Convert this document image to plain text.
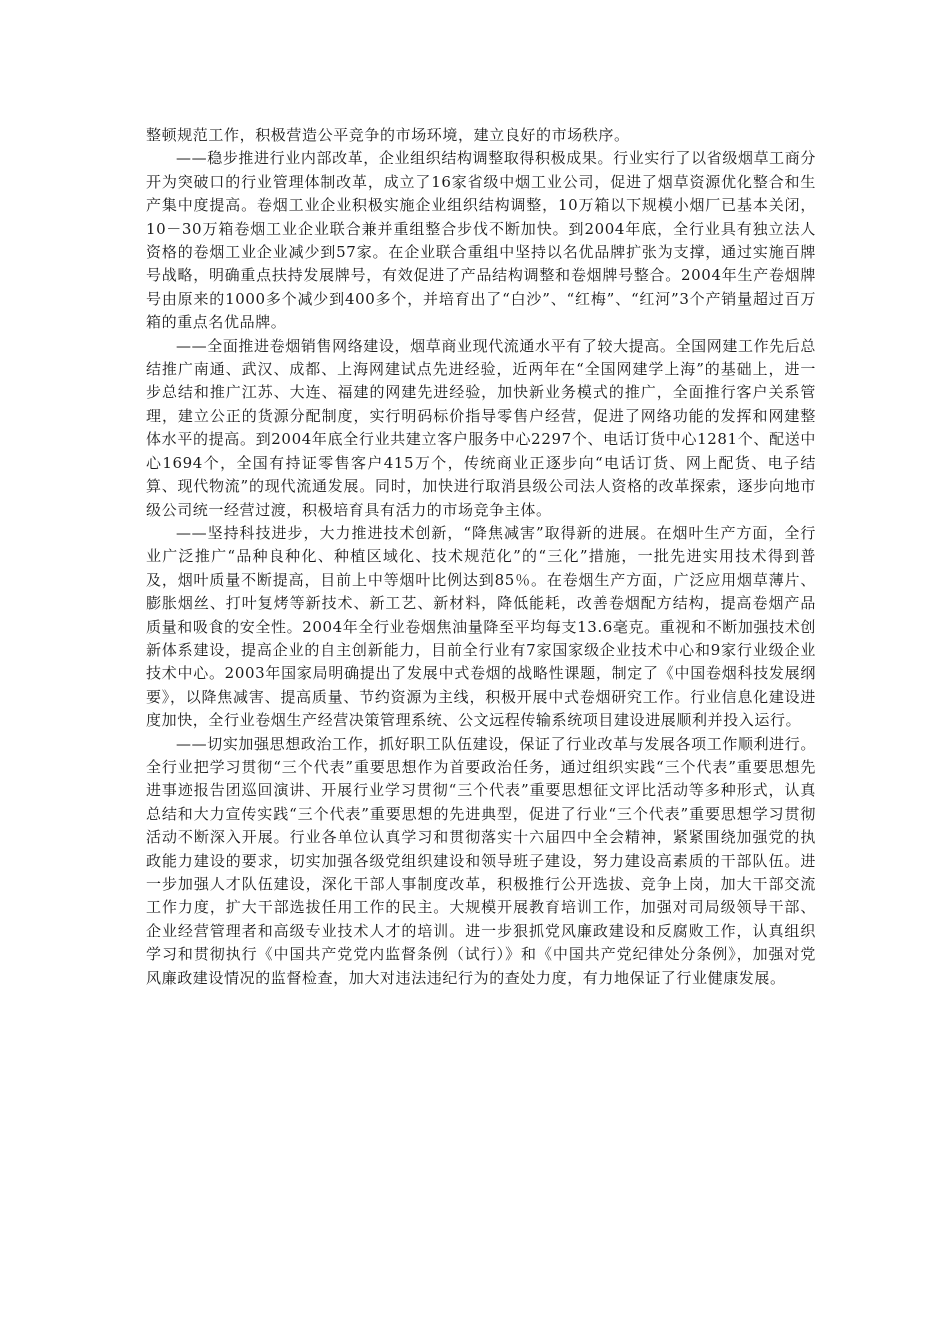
整顿规范工作，积极营造公平竞争的市场环境，建立良好的市场秩序。

——稳步推进行业内部改革，企业组织结构调整取得积极成果。行业实行了以省级烟草工商分开为突破口的行业管理体制改革，成立了16家省级中烟工业公司，促进了烟草资源优化整合和生产集中度提高。卷烟工业企业积极实施企业组织结构调整，10万箱以下规模小烟厂已基本关闭，10－30万箱卷烟工业企业联合兼并重组整合步伐不断加快。到2004年底，全行业具有独立法人资格的卷烟工业企业减少到57家。在企业联合重组中坚持以名优品牌扩张为支撑，通过实施百牌号战略，明确重点扶持发展牌号，有效促进了产品结构调整和卷烟牌号整合。2004年生产卷烟牌号由原来的1000多个减少到400多个，并培育出了“白沙”、“红梅”、“红河”3个产销量超过百万箱的重点名优品牌。

——全面推进卷烟销售网络建设，烟草商业现代流通水平有了较大提高。全国网建工作先后总结推广南通、武汉、成都、上海网建试点先进经验，近两年在“全国网建学上海”的基础上，进一步总结和推广江苏、大连、福建的网建先进经验，加快新业务模式的推广，全面推行客户关系管理，建立公正的货源分配制度，实行明码标价指导零售户经营，促进了网络功能的发挥和网建整体水平的提高。到2004年底全行业共建立客户服务中心2297个、电话订货中心1281个、配送中心1694个，全国有持证零售客户415万个，传统商业正逐步向“电话订货、网上配货、电子结算、现代物流”的现代流通发展。同时，加快进行取消县级公司法人资格的改革探索，逐步向地市级公司统一经营过渡，积极培育具有活力的市场竞争主体。

——坚持科技进步，大力推进技术创新，“降焦减害”取得新的进展。在烟叶生产方面，全行业广泛推广“品种良种化、种植区域化、技术规范化”的“三化”措施，一批先进实用技术得到普及，烟叶质量不断提高，目前上中等烟叶比例达到85％。在卷烟生产方面，广泛应用烟草薄片、膨胀烟丝、打叶复烤等新技术、新工艺、新材料，降低能耗，改善卷烟配方结构，提高卷烟产品质量和吸食的安全性。2004年全行业卷烟焦油量降至平均每支13.6毫克。重视和不断加强技术创新体系建设，提高企业的自主创新能力，目前全行业有7家国家级企业技术中心和9家行业级企业技术中心。2003年国家局明确提出了发展中式卷烟的战略性课题，制定了《中国卷烟科技发展纲要》，以降焦减害、提高质量、节约资源为主线，积极开展中式卷烟研究工作。行业信息化建设进度加快，全行业卷烟生产经营决策管理系统、公文远程传输系统项目建设进展顺利并投入运行。

——切实加强思想政治工作，抓好职工队伍建设，保证了行业改革与发展各项工作顺利进行。全行业把学习贯彻“三个代表”重要思想作为首要政治任务，通过组织实践“三个代表”重要思想先进事迹报告团巡回演讲、开展行业学习贯彻“三个代表”重要思想征文评比活动等多种形式，认真总结和大力宣传实践“三个代表”重要思想的先进典型，促进了行业“三个代表”重要思想学习贯彻活动不断深入开展。行业各单位认真学习和贯彻落实十六届四中全会精神，紧紧围绕加强党的执政能力建设的要求，切实加强各级党组织建设和领导班子建设，努力建设高素质的干部队伍。进一步加强人才队伍建设，深化干部人事制度改革，积极推行公开选拔、竞争上岗，加大干部交流工作力度，扩大干部选拔任用工作的民主。大规模开展教育培训工作，加强对司局级领导干部、企业经营管理者和高级专业技术人才的培训。进一步狠抓党风廉政建设和反腐败工作，认真组织学习和贯彻执行《中国共产党党内监督条例（试行）》和《中国共产党纪律处分条例》，加强对党风廉政建设情况的监督检查，加大对违法违纪行为的查处力度，有力地保证了行业健康发展。
